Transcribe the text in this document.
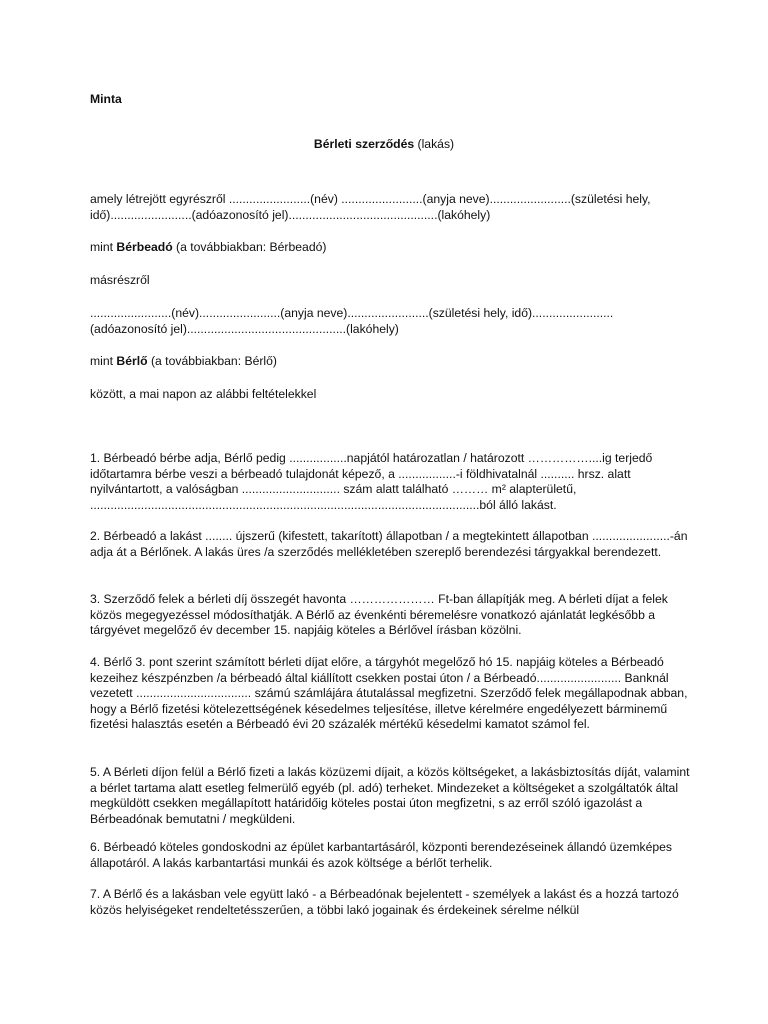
Minta

Bérleti szerződés (lakás)

amely létrejött egyrészről ........................(név) ........................(anyja neve)........................(születési hely,
idő)........................(adóazonosító jel)............................................(lakóhely)

mint Bérbeadó (a továbbiakban: Bérbeadó)

másrészről

........................(név)........................(anyja neve)........................(születési hely, idő)........................
(adóazonosító jel)...............................................(lakóhely)

mint Bérlő (a továbbiakban: Bérlő)

között, a mai napon az alábbi feltételekkel

1. Bérbeadó bérbe adja, Bérlő pedig .................napjától határozatlan / határozott ……………....ig terjedő időtartamra bérbe veszi a bérbeadó tulajdonát képező, a .................-i földhivatalnál .......... hrsz. alatt nyilvántartott, a valóságban ............................. szám alatt található ……… m² alapterületű, ...................................................................................................................ból álló lakást.

2. Bérbeadó a lakást ........ újszerű (kifestett, takarított) állapotban / a megtekintett állapotban .......................-án adja át a Bérlőnek. A lakás üres /a szerződés mellékletében szereplő berendezési tárgyakkal berendezett.

3. Szerződő felek a bérleti díj összegét havonta ………………… Ft-ban állapítják meg. A bérleti díjat a felek közös megegyezéssel módosíthatják. A Bérlő az évenkénti béremelésre vonatkozó ajánlatát legkésőbb a tárgyévet megelőző év december 15. napjáig köteles a Bérlővel írásban közölni.

4. Bérlő 3. pont szerint számított bérleti díjat előre, a tárgyhót megelőző hó 15. napjáig köteles a Bérbeadó kezeihez készpénzben /a bérbeadó által kiállított csekken postai úton / a Bérbeadó......................... Banknál vezetett .................................. számú számlájára átutalással megfizetni. Szerződő felek megállapodnak abban, hogy a Bérlő fizetési kötelezettségének késedelmes teljesítése, illetve kérelmére engedélyezett bárminemű fizetési halasztás esetén a Bérbeadó évi 20 százalék mértékű késedelmi kamatot számol fel.

5. A Bérleti díjon felül a Bérlő fizeti a lakás közüzemi díjait, a közös költségeket, a lakásbiztosítás díját, valamint a bérlet tartama alatt esetleg felmerülő egyéb (pl. adó) terheket. Mindezeket a költségeket a szolgáltatók által megküldött csekken megállapított határidőig köteles postai úton megfizetni, s az erről szóló igazolást a Bérbeadónak bemutatni / megküldeni.

6. Bérbeadó köteles gondoskodni az épület karbantartásáról, központi berendezéseinek állandó üzemképes állapotáról. A lakás karbantartási munkái és azok költsége a bérlőt terhelik.

7. A Bérlő és a lakásban vele együtt lakó - a Bérbeadónak bejelentett - személyek a lakást és a hozzá tartozó közös helyiségeket rendeltetésszerűen, a többi lakó jogainak és érdekeinek sérelme nélkül
